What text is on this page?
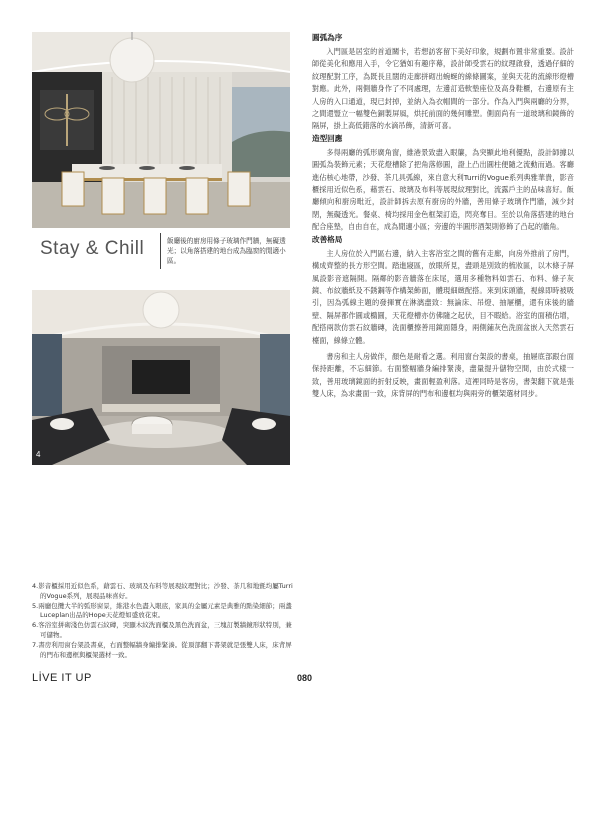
Stay & Chill	飯廳後的廚房用條子玻璃作門牆，無礙透光；以角落搭建的地台成為臨窗的閒適小區。
4

圓弧為序

入門區是居室的首道關卡，若想訪客留下美好印象，規劃布置非常重要。設計師從美化和應用入手，令它猶如有趣序幕，設計師受雲石的紋理啟發，透過仔細的紋理配對工序，為既長且闊的走廊拼砌出蜿蜒的線條圖案，並與天花的流線形燈槽對應。此外，兩側牆身作了不同處理，左邊訂造軟墊座位及高身鞋櫃，右邊原有主人房的入口通道，現已封掉，並納入為衣帽間的一部分。作為入門與兩廳的分界，之間還豎立一幅雙色銅製屏風，烘托前面的幾何雕塑。側面尚有一道玻璃和鏡飾的隔屏，掛上高低錯落的水滴吊飾，清新可喜。

造型回應

多得兩廳的弧形廣角窗，維港景致盡入眼簾，為突顯此地利優點，設計師據以圓弧為裝飾元素；天花燈槽除了把角落修圓，證上凸出圓柱便隨之流動而過。客廳進佔核心地帶，沙發、茶几具弧線，來自意大利Turri的Vogue系列典雅華貴，影音櫃採用近似色系，藉雲石、玻璃及布料等展現紋理對比，流露戶主的品味喜好。飯廳傾向和廚房毗近，設計師拆去原有廚房的外牆，善用條子玻璃作門牆，減少封閉，無礙透光。餐桌、椅均採用金色框架訂造，閃亮奪目。至於以角落搭建的地台配合座墊，自由自在，成為閒適小區；旁邊的半圓形酒架則修飾了凸起的牆角。

改善格局

主人房位於入門區右邊，納入主客浴室之間的舊有走廊，向房外推前了房門，構成齊整的長方形空間。踏進寢區，放眼所見，盡頭是別致的梳妝區，以木條子屏風設影音遮隔開。隔鄰的影音牆落在床尾，選用多種物料如雲石、布料、條子灰鏡、布紋牆紙及不銹鋼等作構架飾面，體現細緻配搭。來到床頭牆，視線即時被吸引，因為弧線主題的發揮實在淋漓盡致：無論床、吊燈、抽屜櫃，還有床後的牆壁、隔屏都作圓或橢圓，天花燈槽亦仿佛隨之起伏，目不暇給。浴室的面積估增，配搭兩款仿雲石紋牆磚，洗面櫃擦善用鏡面隱身，兩側鋪灰色洗面盆嵌入天然雲石檯面，線條立體。

書房和主人房做伴，顏色是耐看之選。利用窗台架設的書桌，抽屜底部跟台面保持距離，不忘細節。右面整幅牆身編排緊湊，盡量提升儲物空間，由於式樣一致，善用玻璃鏡面的折射反映，畫面輕盈利落。這裡同時是客房，書架翻下就是張雙人床，為求畫面一致，床背屏的門布和邊框均與兩旁的櫃架選材同步。

4.影音櫃採用近似色系，藉雲石、玻璃及布料等展現紋理對比；沙發、茶几和地氈均屬Turri的Vogue系列，展現品味喜好。

5.兩廳包攬大半的弧形窗景，維港水色盡入眼底，家具的金屬元素是典雅的點染細節；兩盞Luceplan出品的Hope天花燈如盛放花束。

6.客浴室拼砌淺色仿雲石紋磚，突顯木紋洗面櫃及黑色洗面盆，三塊訂製牆鏡形狀特別，兼可儲物。

7.書房利用窗台架設書桌，右面整幅牆身編排緊湊。從頂部翻下書架就是張雙人床，床背屏的門布和邊框與櫃架選材一致。

LİVE IT UP	080
